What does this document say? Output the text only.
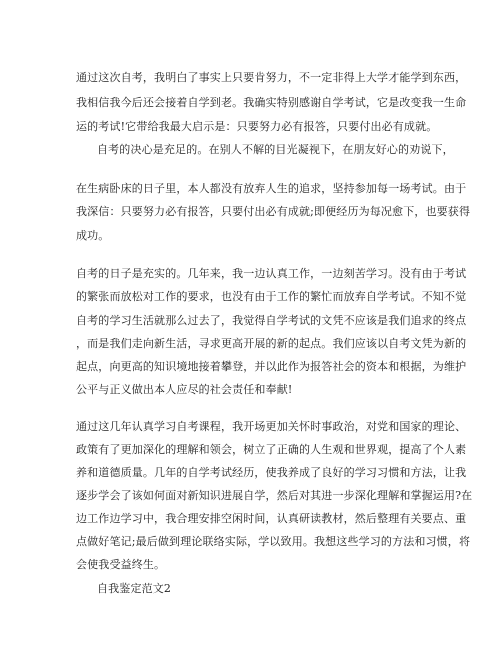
通过这次自考，我明白了事实上只要肯努力，不一定非得上大学才能学到东西，
我相信我今后还会接着自学到老。我确实特别感谢自学考试，它是改变我一生命
运的考试!它带给我最大启示是：只要努力必有报答，只要付出必有成就。
自考的决心是充足的。在别人不解的目光凝视下，在朋友好心的劝说下，
在生病卧床的日子里，本人都没有放弃人生的追求，坚持参加每一场考试。由于
我深信：只要努力必有报答，只要付出必有成就;即便经历为每况愈下，也要获得
成功。
自考的日子是充实的。几年来，我一边认真工作，一边刻苦学习。没有由于考试
的繁张而放松对工作的要求，也没有由于工作的繁忙而放弃自学考试。不知不觉
自考的学习生活就那么过去了，我觉得自学考试的文凭不应该是我们追求的终点
，而是我们走向新生活，寻求更高开展的新的起点。我们应该以自考文凭为新的
起点，向更高的知识境地接着攀登，并以此作为报答社会的资本和根据，为维护
公平与正义做出本人应尽的社会责任和奉献!
通过这几年认真学习自考课程，我开场更加关怀时事政治，对党和国家的理论、
政策有了更加深化的理解和领会，树立了正确的人生观和世界观，提高了个人素
养和道德质量。几年的自学考试经历，使我养成了良好的学习习惯和方法，让我
逐步学会了该如何面对新知识进展自学，然后对其进一步深化理解和掌握运用?在
边工作边学习中，我合理安排空闲时间，认真研读教材，然后整理有关要点、重
点做好笔记;最后做到理论联络实际，学以致用。我想这些学习的方法和习惯，将
会使我受益终生。
自我鉴定范文2
